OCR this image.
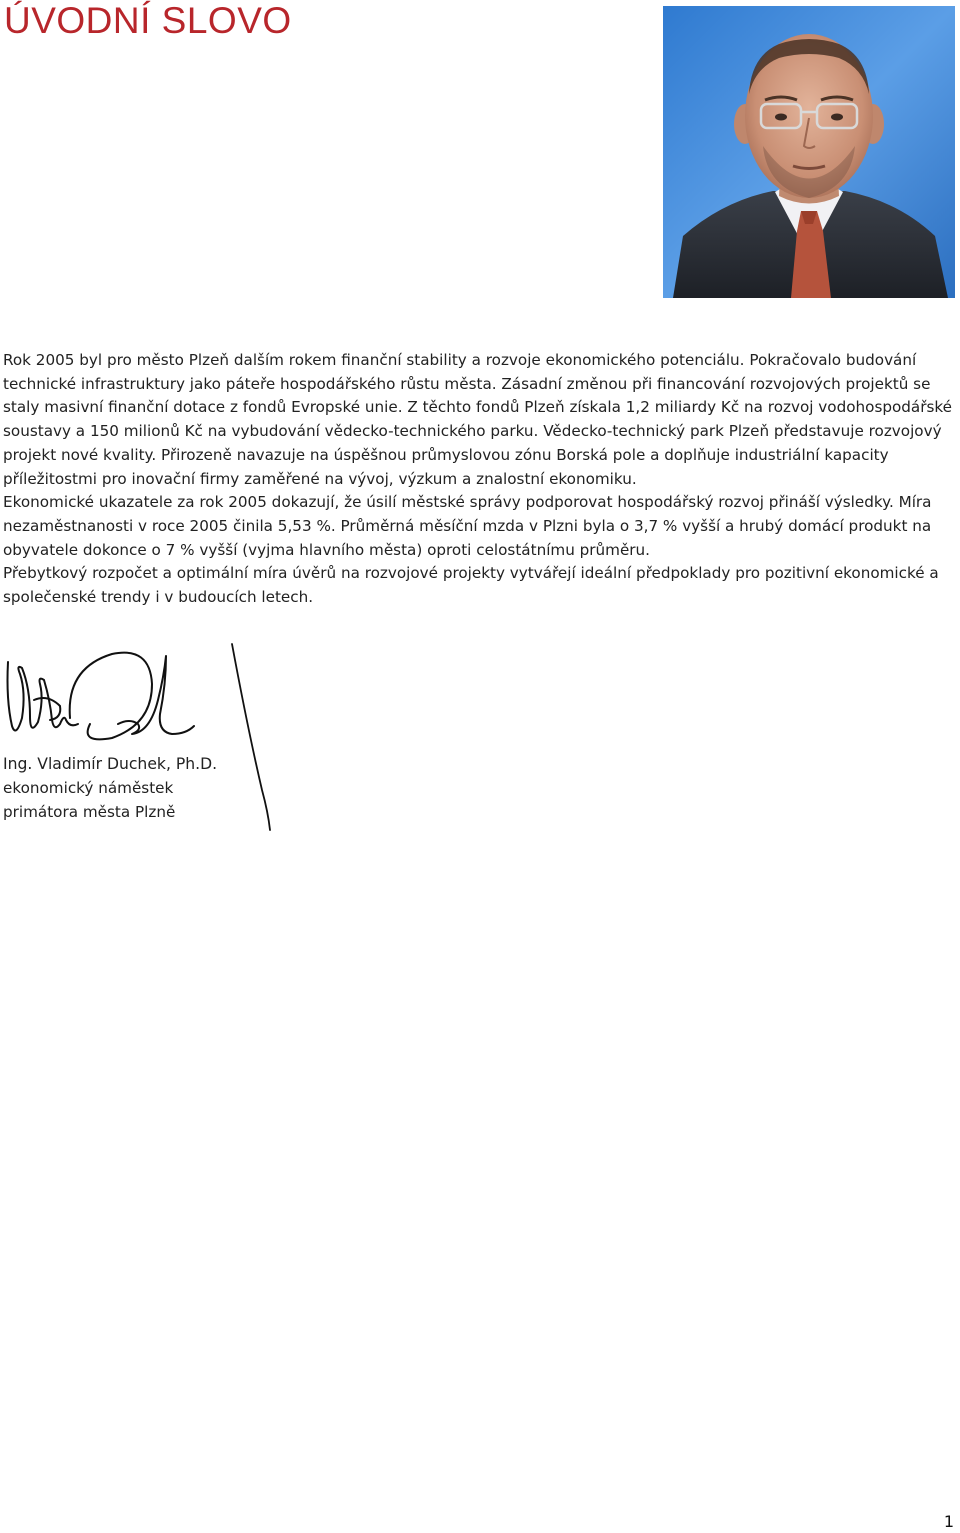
ÚVODNÍ SLOVO

Rok 2005 byl pro město Plzeň dalším rokem finanční stability a rozvoje ekonomického potenciálu. Pokračovalo budování technické infrastruktury jako páteře hospodářského růstu města. Zásadní změnou při financování rozvojových projektů se staly masivní finanční dotace z fondů Evropské unie. Z těchto fondů Plzeň získala 1,2 miliardy Kč na rozvoj vodohospodářské soustavy a 150 milionů Kč na vybudování vědecko-technického parku. Vědecko-technický park Plzeň představuje rozvojový projekt nové kvality. Přirozeně navazuje na úspěšnou průmyslovou zónu Borská pole a doplňuje industriální kapacity příležitostmi pro inovační firmy zaměřené na vývoj, výzkum a znalostní ekonomiku.

Ekonomické ukazatele za rok 2005 dokazují, že úsilí městské správy podporovat hospodářský rozvoj přináší výsledky. Míra nezaměstnanosti v roce 2005 činila 5,53 %. Průměrná měsíční mzda v Plzni byla o 3,7 % vyšší a hrubý domácí produkt na obyvatele dokonce o 7 % vyšší (vyjma hlavního města) oproti celostátnímu průměru.

Přebytkový rozpočet a optimální míra úvěrů na rozvojové projekty vytvářejí ideální předpoklady pro pozitivní ekonomické a společenské trendy i v budoucích letech.

Ing. Vladimír Duchek, Ph.D.
ekonomický náměstek
primátora města Plzně
1
